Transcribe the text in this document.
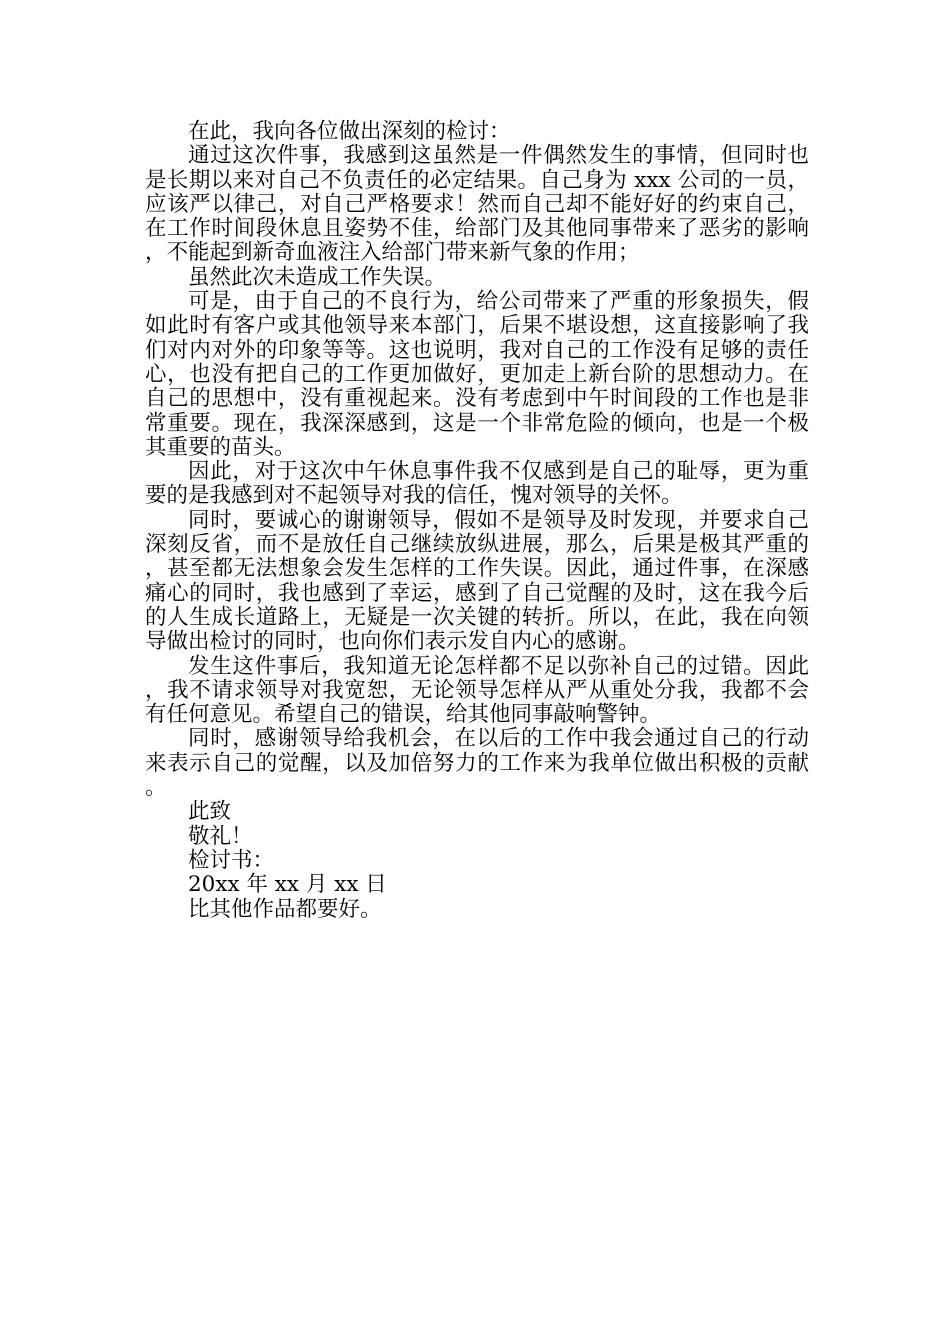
在此，我向各位做出深刻的检讨：

通过这次件事，我感到这虽然是一件偶然发生的事情，但同时也是长期以来对自己不负责任的必定结果。自己身为 xxx 公司的一员，应该严以律己，对自己严格要求！然而自己却不能好好的约束自己，在工作时间段休息且姿势不佳，给部门及其他同事带来了恶劣的影响，不能起到新奇血液注入给部门带来新气象的作用；

虽然此次未造成工作失误。

可是，由于自己的不良行为，给公司带来了严重的形象损失，假如此时有客户或其他领导来本部门，后果不堪设想，这直接影响了我们对内对外的印象等等。这也说明，我对自己的工作没有足够的责任心，也没有把自己的工作更加做好，更加走上新台阶的思想动力。在自己的思想中，没有重视起来。没有考虑到中午时间段的工作也是非常重要。现在，我深深感到，这是一个非常危险的倾向，也是一个极其重要的苗头。

因此，对于这次中午休息事件我不仅感到是自己的耻辱，更为重要的是我感到对不起领导对我的信任，愧对领导的关怀。

同时，要诚心的谢谢领导，假如不是领导及时发现，并要求自己深刻反省，而不是放任自己继续放纵进展，那么，后果是极其严重的，甚至都无法想象会发生怎样的工作失误。因此，通过件事，在深感痛心的同时，我也感到了幸运，感到了自己觉醒的及时，这在我今后的人生成长道路上，无疑是一次关键的转折。所以，在此，我在向领导做出检讨的同时，也向你们表示发自内心的感谢。

发生这件事后，我知道无论怎样都不足以弥补自己的过错。因此，我不请求领导对我宽恕，无论领导怎样从严从重处分我，我都不会有任何意见。希望自己的错误，给其他同事敲响警钟。

同时，感谢领导给我机会，在以后的工作中我会通过自己的行动来表示自己的觉醒，以及加倍努力的工作来为我单位做出积极的贡献。

此致

敬礼！

检讨书：

20xx 年 xx 月 xx 日

比其他作品都要好。
